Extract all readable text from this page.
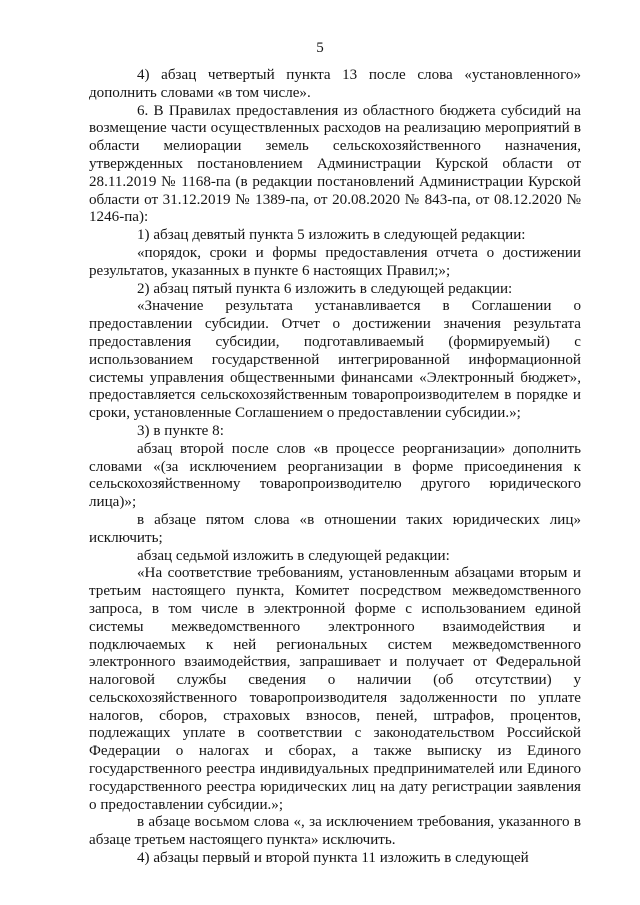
5

4) абзац четвертый пункта 13 после слова «установленного» дополнить словами «в том числе».

6. В Правилах предоставления из областного бюджета субсидий на возмещение части осуществленных расходов на реализацию мероприятий в области мелиорации земель сельскохозяйственного назначения, утвержденных постановлением Администрации Курской области от 28.11.2019 № 1168-па (в редакции постановлений Администрации Курской области от 31.12.2019 № 1389-па, от 20.08.2020 № 843-па, от 08.12.2020 № 1246-па):

1) абзац девятый пункта 5 изложить в следующей редакции:

«порядок, сроки и формы предоставления отчета о достижении результатов, указанных в пункте 6 настоящих Правил;»;

2) абзац пятый пункта 6 изложить в следующей редакции:

«Значение результата устанавливается в Соглашении о предоставлении субсидии. Отчет о достижении значения результата предоставления субсидии, подготавливаемый (формируемый) с использованием государственной интегрированной информационной системы управления общественными финансами «Электронный бюджет», предоставляется сельскохозяйственным товаропроизводителем в порядке и сроки, установленные Соглашением о предоставлении субсидии.»;

3) в пункте 8:

абзац второй после слов «в процессе реорганизации» дополнить словами «(за исключением реорганизации в форме присоединения к сельскохозяйственному товаропроизводителю другого юридического лица)»;

в абзаце пятом слова «в отношении таких юридических лиц» исключить;

абзац седьмой изложить в следующей редакции:

«На соответствие требованиям, установленным абзацами вторым и третьим настоящего пункта, Комитет посредством межведомственного запроса, в том числе в электронной форме с использованием единой системы межведомственного электронного взаимодействия и подключаемых к ней региональных систем межведомственного электронного взаимодействия, запрашивает и получает от Федеральной налоговой службы сведения о наличии (об отсутствии) у сельскохозяйственного товаропроизводителя задолженности по уплате налогов, сборов, страховых взносов, пеней, штрафов, процентов, подлежащих уплате в соответствии с законодательством Российской Федерации о налогах и сборах, а также выписку из Единого государственного реестра индивидуальных предпринимателей или Единого государственного реестра юридических лиц на дату регистрации заявления о предоставлении субсидии.»;

в абзаце восьмом слова «, за исключением требования, указанного в абзаце третьем настоящего пункта» исключить.

4) абзацы первый и второй пункта 11 изложить в следующей
